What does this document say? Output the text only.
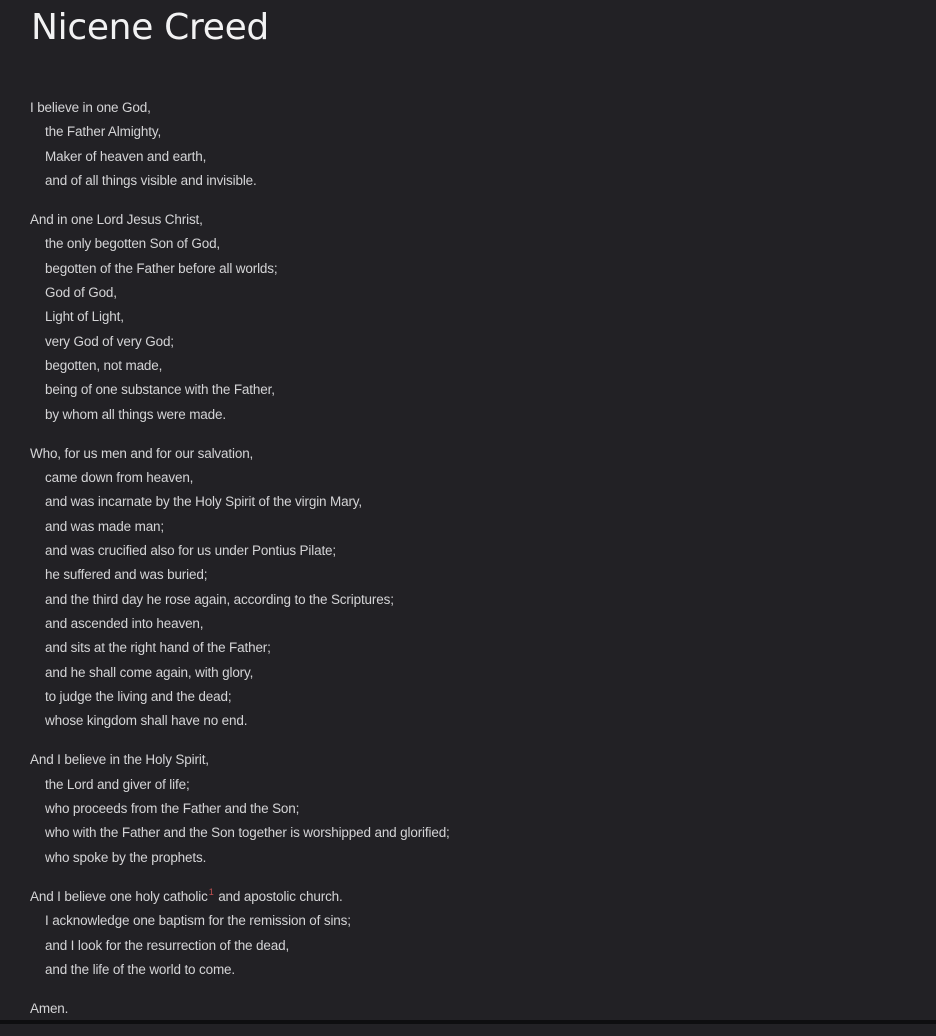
Nicene Creed
I believe in one God,
the Father Almighty,
Maker of heaven and earth,
and of all things visible and invisible.
And in one Lord Jesus Christ,
the only begotten Son of God,
begotten of the Father before all worlds;
God of God,
Light of Light,
very God of very God;
begotten, not made,
being of one substance with the Father,
by whom all things were made.
Who, for us men and for our salvation,
came down from heaven,
and was incarnate by the Holy Spirit of the virgin Mary,
and was made man;
and was crucified also for us under Pontius Pilate;
he suffered and was buried;
and the third day he rose again, according to the Scriptures;
and ascended into heaven,
and sits at the right hand of the Father;
and he shall come again, with glory,
to judge the living and the dead;
whose kingdom shall have no end.
And I believe in the Holy Spirit,
the Lord and giver of life;
who proceeds from the Father and the Son;
who with the Father and the Son together is worshipped and glorified;
who spoke by the prophets.
And I believe one holy catholic$^1$ and apostolic church.
I acknowledge one baptism for the remission of sins;
and I look for the resurrection of the dead,
and the life of the world to come.
Amen.
